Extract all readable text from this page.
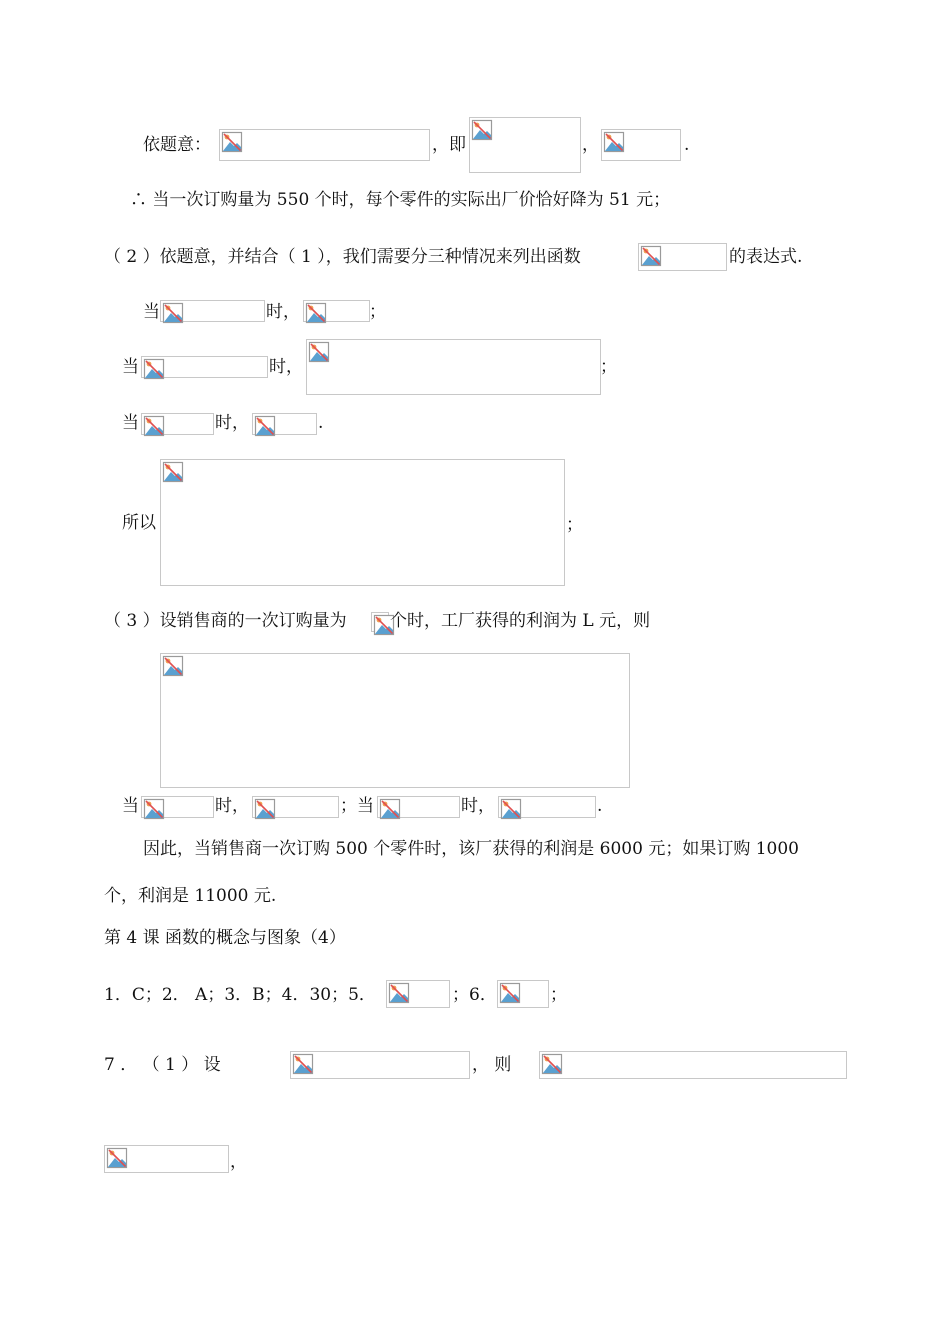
依题意：	，即	，	.
∴ 当一次订购量为 550 个时，每个零件的实际出厂价恰好降为 51 元；
（ 2 ）依题意，并结合（ 1 ），我们需要分三种情况来列出函数	的表达式.
当	时，	；
当	时，	；
当	时，	.
所以	；
（ 3 ）设销售商的一次订购量为	个时，工厂获得的利润为 L 元，则
当	时，	；当	时，	.
因此，当销售商一次订购 500 个零件时，该厂获得的利润是 6000 元；如果订购 1000
个，利润是 11000 元.
第 4 课 函数的概念与图象（4）
1．C；2． A；3．B；4．30；5．	；6．	；
7 ． （ 1 ） 设	， 则
，
